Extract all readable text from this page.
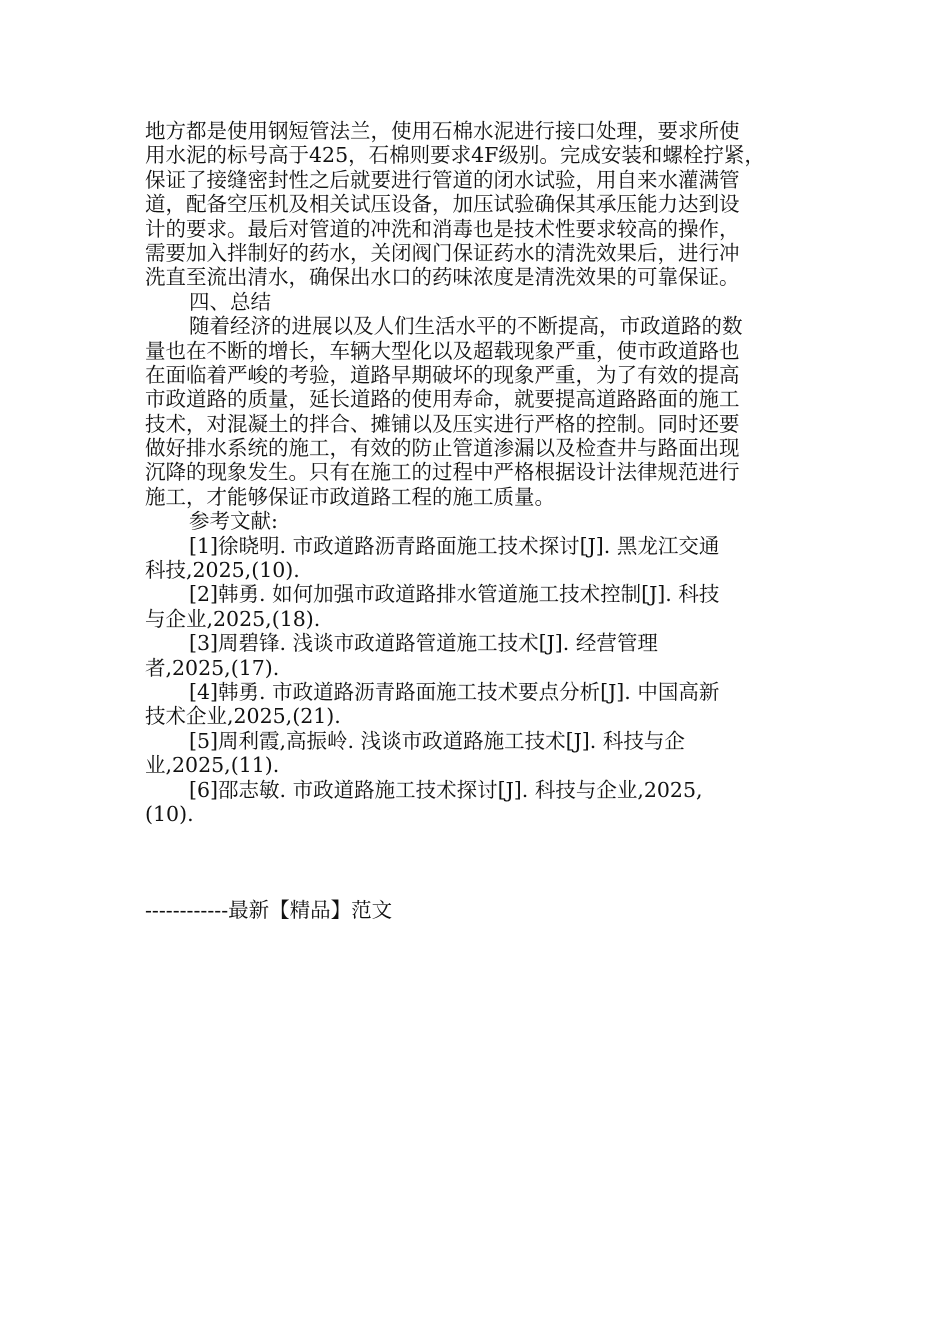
地方都是使用钢短管法兰，使用石棉水泥进行接口处理，要求所使
用水泥的标号高于425，石棉则要求4F级别。完成安装和螺栓拧紧，
保证了接缝密封性之后就要进行管道的闭水试验，用自来水灌满管
道，配备空压机及相关试压设备，加压试验确保其承压能力达到设
计的要求。最后对管道的冲洗和消毒也是技术性要求较高的操作，
需要加入拌制好的药水，关闭阀门保证药水的清洗效果后，进行冲
洗直至流出清水，确保出水口的药味浓度是清洗效果的可靠保证。
四、总结
随着经济的进展以及人们生活水平的不断提高，市政道路的数
量也在不断的增长，车辆大型化以及超载现象严重，使市政道路也
在面临着严峻的考验，道路早期破坏的现象严重，为了有效的提高
市政道路的质量，延长道路的使用寿命，就要提高道路路面的施工
技术，对混凝土的拌合、摊铺以及压实进行严格的控制。同时还要
做好排水系统的施工，有效的防止管道渗漏以及检查井与路面出现
沉降的现象发生。只有在施工的过程中严格根据设计法律规范进行
施工，才能够保证市政道路工程的施工质量。
参考文献:
[1]徐晓明. 市政道路沥青路面施工技术探讨[J]. 黑龙江交通
科技,2025,(10).
[2]韩勇. 如何加强市政道路排水管道施工技术控制[J]. 科技
与企业,2025,(18).
[3]周碧锋. 浅谈市政道路管道施工技术[J]. 经营管理
者,2025,(17).
[4]韩勇. 市政道路沥青路面施工技术要点分析[J]. 中国高新
技术企业,2025,(21).
[5]周利霞,高振岭. 浅谈市政道路施工技术[J]. 科技与企
业,2025,(11).
[6]邵志敏. 市政道路施工技术探讨[J]. 科技与企业,2025,
(10).
------------最新【精品】范文
